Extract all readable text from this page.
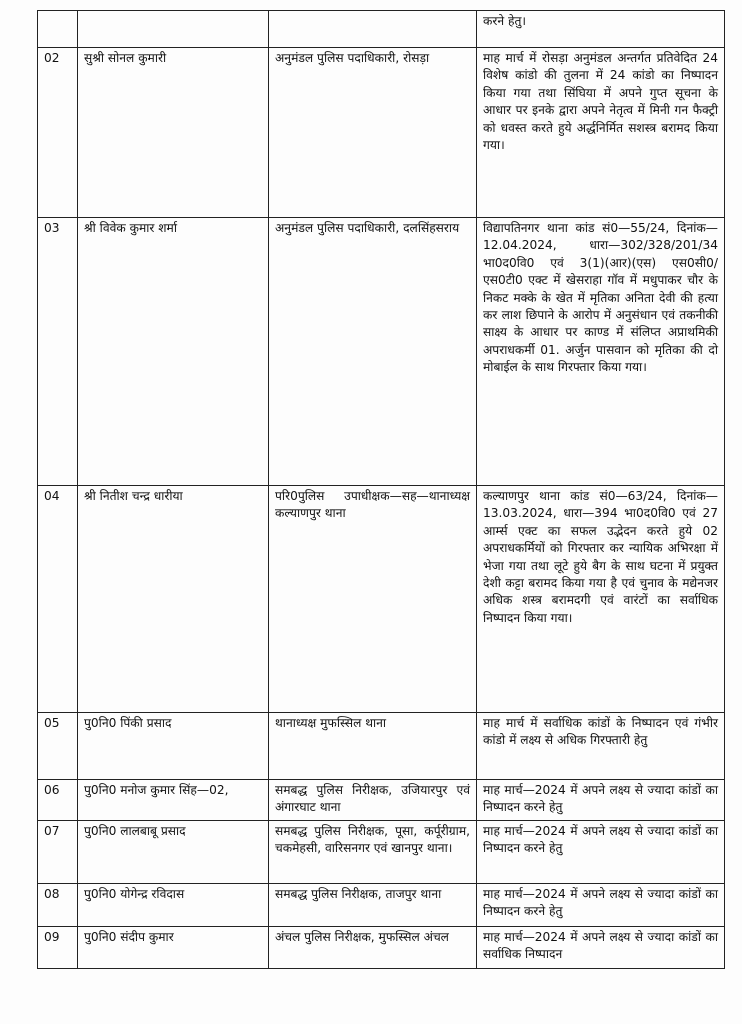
			करने हेतु।
02	सुश्री सोनल कुमारी	अनुमंडल पुलिस पदाधिकारी, रोसड़ा	माह मार्च में रोसड़ा अनुमंडल अन्तर्गत प्रतिवेदित 24 विशेष कांडो की तुलना में 24 कांडो का निष्पादन किया गया तथा सिंघिया में अपने गुप्त सूचना के आधार पर इनके द्वारा अपने नेतृत्व में मिनी गन फैक्ट्री को धवस्त करते हुये अर्द्धनिर्मित सशस्त्र बरामद किया गया।
03	श्री विवेक कुमार शर्मा	अनुमंडल पुलिस पदाधिकारी, दलसिंहसराय	विद्यापतिनगर थाना कांड सं0—55/24, दिनांक—12.04.2024, धारा—302/328/201/34 भा0द0वि0 एवं 3(1)(आर)(एस) एस0सी0/एस0टी0 एक्ट में खेसराहा गॉव में मधुपाकर चौर के निकट मक्के के खेत में मृतिका अनिता देवी की हत्या कर लाश छिपाने के आरोप में अनुसंधान एवं तकनीकी साक्ष्य के आधार पर काण्ड में संलिप्त अप्राथमिकी अपराधकर्मी 01. अर्जुन पासवान को मृतिका की दो मोबाईल के साथ गिरफ्तार किया गया।
04	श्री नितीश चन्द्र धारीया	परि0पुलिस उपाधीक्षक—सह—थानाध्यक्ष कल्याणपुर थाना	कल्याणपुर थाना कांड सं0—63/24, दिनांक—13.03.2024, धारा—394 भा0द0वि0 एवं 27 आर्म्स एक्ट का सफल उद्भेदन करते हुये 02 अपराधकर्मियों को गिरफ्तार कर न्यायिक अभिरक्षा में भेजा गया तथा लूटे हुये बैग के साथ घटना में प्रयुक्त देशी कट्टा बरामद किया गया है एवं चुनाव के मद्येनजर अधिक शस्त्र बरामदगी एवं वारंटों का सर्वाधिक निष्पादन किया गया।
05	पु0नि0 पिंकी प्रसाद	थानाध्यक्ष मुफस्सिल थाना	माह मार्च में सर्वाधिक कांडों के निष्पादन एवं गंभीर कांडो में लक्ष्य से अधिक गिरफ्तारी हेतु
06	पु0नि0 मनोज कुमार सिंह—02,	समबद्ध पुलिस निरीक्षक, उजियारपुर एवं अंगारघाट थाना	माह मार्च—2024 में अपने लक्ष्य से ज्यादा कांडों का निष्पादन करने हेतु
07	पु0नि0 लालबाबू प्रसाद	समबद्ध पुलिस निरीक्षक, पूसा, कर्पूरीग्राम, चकमेहसी, वारिसनगर एवं खानपुर थाना।	माह मार्च—2024 में अपने लक्ष्य से ज्यादा कांडों का निष्पादन करने हेतु
08	पु0नि0 योगेन्द्र रविदास	समबद्ध पुलिस निरीक्षक, ताजपुर थाना	माह मार्च—2024 में अपने लक्ष्य से ज्यादा कांडों का निष्पादन करने हेतु
09	पु0नि0 संदीप कुमार	अंचल पुलिस निरीक्षक, मुफस्सिल अंचल	माह मार्च—2024 में अपने लक्ष्य से ज्यादा कांडों का सर्वाधिक निष्पादन
